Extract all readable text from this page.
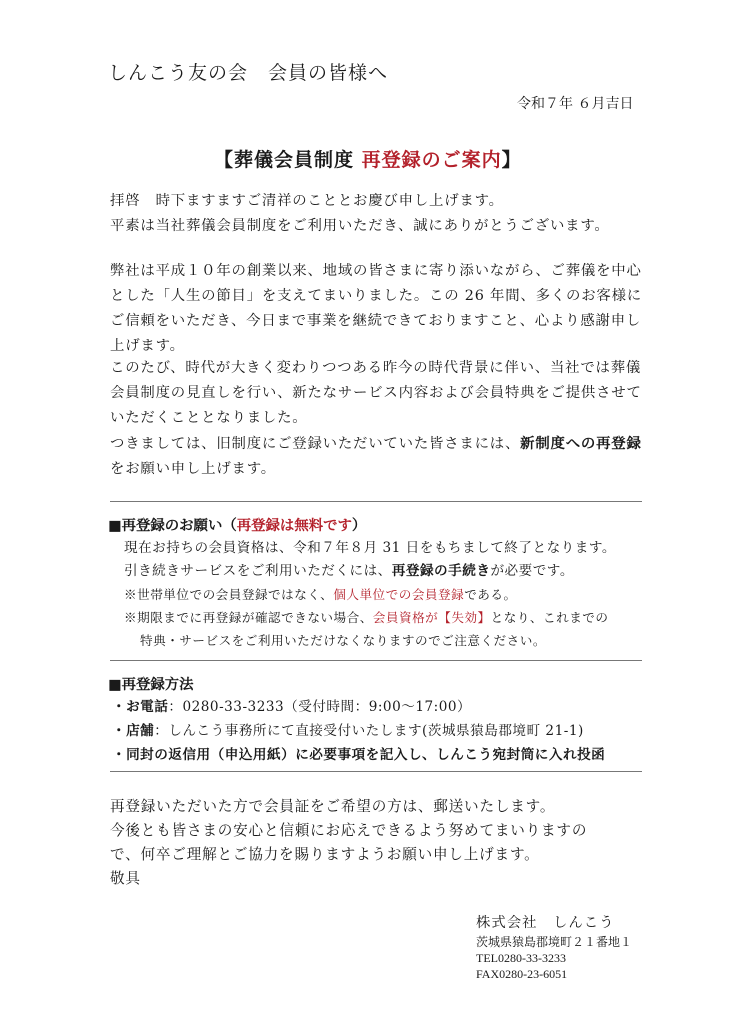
しんこう友の会　会員の皆様へ
令和７年 ６月吉日
【葬儀会員制度 再登録のご案内】
拝啓　時下ますますご清祥のこととお慶び申し上げます。
平素は当社葬儀会員制度をご利用いただき、誠にありがとうございます。
弊社は平成１０年の創業以来、地域の皆さまに寄り添いながら、ご葬儀を中心
とした「人生の節目」を支えてまいりました。この 26 年間、多くのお客様に
ご信頼をいただき、今日まで事業を継続できておりますこと、心より感謝申し
上げます。
このたび、時代が大きく変わりつつある昨今の時代背景に伴い、当社では葬儀
会員制度の見直しを行い、新たなサービス内容および会員特典をご提供させて
いただくこととなりました。
つきましては、旧制度にご登録いただいていた皆さまには、新制度への再登録
をお願い申し上げます。
■再登録のお願い（再登録は無料です）
現在お持ちの会員資格は、令和７年８月 31 日をもちまして終了となります。
引き続きサービスをご利用いただくには、再登録の手続きが必要です。
※世帯単位での会員登録ではなく、個人単位での会員登録である。
※期限までに再登録が確認できない場合、会員資格が【失効】となり、これまでの
特典・サービスをご利用いただけなくなりますのでご注意ください。
■再登録方法
・お電話：0280-33-3233（受付時間：9:00～17:00）
・店舗：しんこう事務所にて直接受付いたします(茨城県猿島郡境町 21-1)
・同封の返信用（申込用紙）に必要事項を記入し、しんこう宛封筒に入れ投函
再登録いただいた方で会員証をご希望の方は、郵送いたします。
今後とも皆さまの安心と信頼にお応えできるよう努めてまいりますの
で、何卒ご理解とご協力を賜りますようお願い申し上げます。
敬具
株式会社　しんこう
茨城県猿島郡境町２１番地１
TEL0280-33-3233
FAX0280-23-6051
